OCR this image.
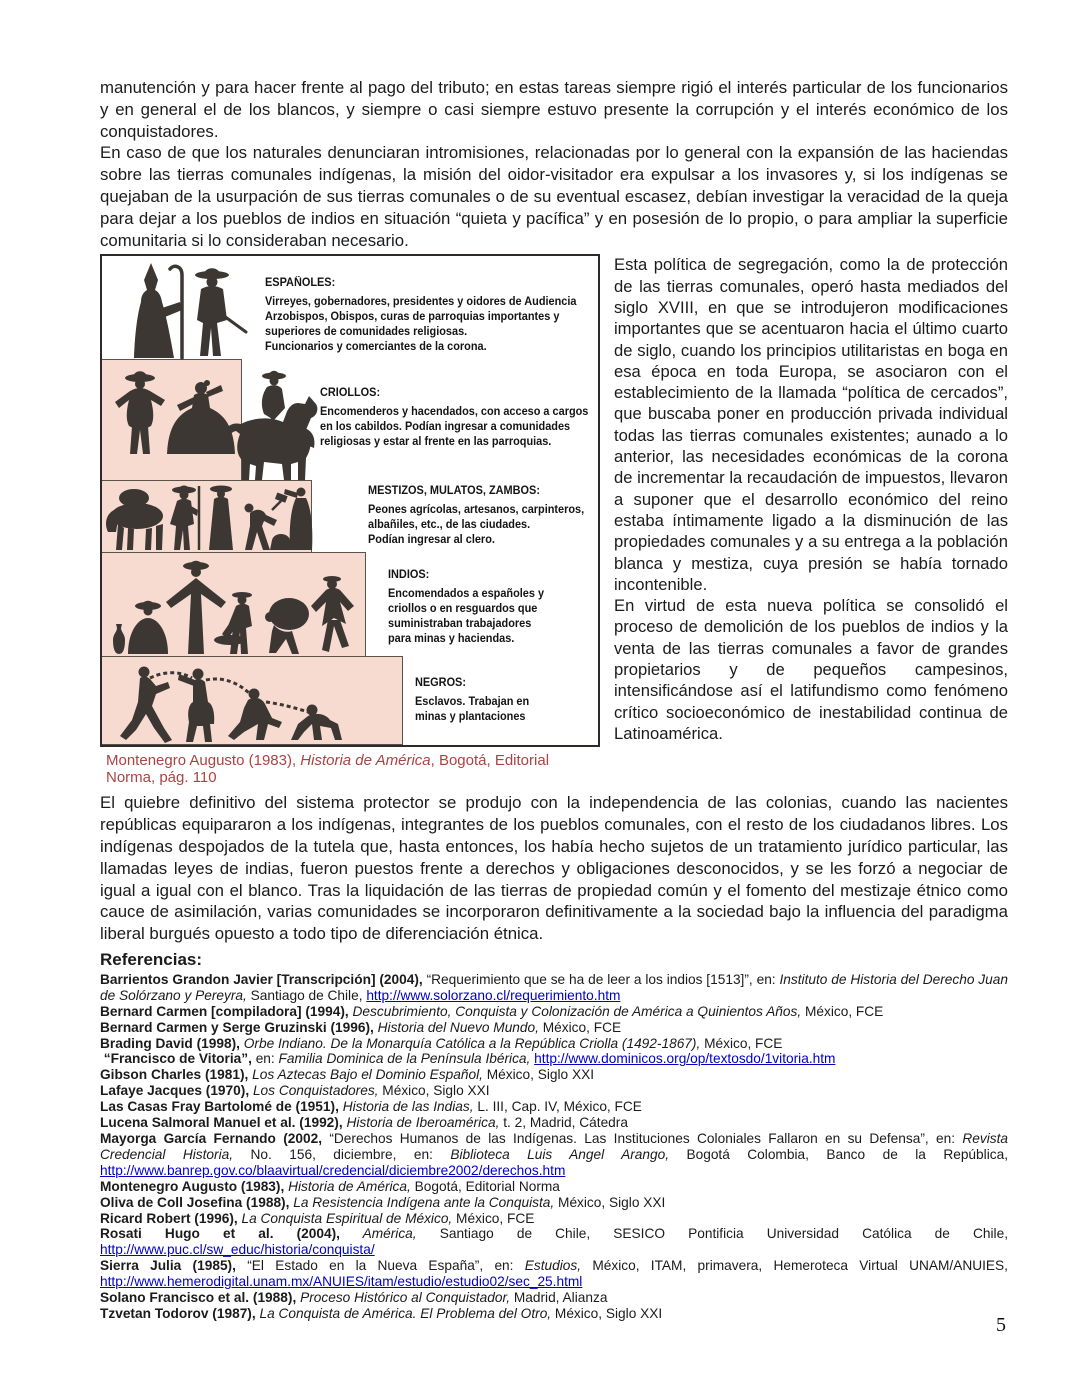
manutención y para hacer frente al pago del tributo; en estas tareas siempre rigió el interés particular de los funcionarios y en general el de los blancos, y siempre o casi siempre estuvo presente la corrupción y el interés económico de los conquistadores.

En caso de que los naturales denunciaran intromisiones, relacionadas por lo general con la expansión de las haciendas sobre las tierras comunales indígenas, la misión del oidor-visitador era expulsar a los invasores y, si los indígenas se quejaban de la usurpación de sus tierras comunales o de su eventual escasez, debían investigar la veracidad de la queja para dejar a los pueblos de indios en situación “quieta y pacífica” y en posesión de lo propio, o para ampliar la superficie comunitaria si lo consideraban necesario.

ESPAÑOLES:
Virreyes, gobernadores, presidentes y oidores de Audiencia
Arzobispos, Obispos, curas de parroquias importantes y
superiores de comunidades religiosas.
Funcionarios y comerciantes de la corona.
CRIOLLOS:
Encomenderos y hacendados, con acceso a cargos
en los cabildos. Podían ingresar a comunidades
religiosas y estar al frente en las parroquias.
MESTIZOS, MULATOS, ZAMBOS:
Peones agrícolas, artesanos, carpinteros,
albañiles, etc., de las ciudades.
Podían ingresar al clero.
INDIOS:
Encomendados a españoles y
criollos o en resguardos que
suministraban trabajadores
para minas y haciendas.
NEGROS:
Esclavos. Trabajan en
minas y plantaciones
Montenegro Augusto (1983), Historia de América, Bogotá, Editorial Norma, pág. 110

Esta política de segregación, como la de protección de las tierras comunales, operó hasta mediados del siglo XVIII, en que se introdujeron modificaciones importantes que se acentuaron hacia el último cuarto de siglo, cuando los principios utilitaristas en boga en esa época en toda Europa, se asociaron con el establecimiento de la llamada “política de cercados”, que buscaba poner en producción privada individual todas las tierras comunales existentes; aunado a lo anterior, las necesidades económicas de la corona de incrementar la recaudación de impuestos, llevaron a suponer que el desarrollo económico del reino estaba íntimamente ligado a la disminución de las propiedades comunales y a su entrega a la población blanca y mestiza, cuya presión se había tornado incontenible.

En virtud de esta nueva política se consolidó el proceso de demolición de los pueblos de indios y la venta de las tierras comunales a favor de grandes propietarios y de pequeños campesinos, intensificándose así el latifundismo como fenómeno crítico socioeconómico de inestabilidad continua de Latinoamérica.

El quiebre definitivo del sistema protector se produjo con la independencia de las colonias, cuando las nacientes repúblicas equipararon a los indígenas, integrantes de los pueblos comunales, con el resto de los ciudadanos libres. Los indígenas despojados de la tutela que, hasta entonces, los había hecho sujetos de un tratamiento jurídico particular, las llamadas leyes de indias, fueron puestos frente a derechos y obligaciones desconocidos, y se les forzó a negociar de igual a igual con el blanco. Tras la liquidación de las tierras de propiedad común y el fomento del mestizaje étnico como cauce de asimilación, varias comunidades se incorporaron definitivamente a la sociedad bajo la influencia del paradigma liberal burgués opuesto a todo tipo de diferenciación étnica.

Referencias:
Barrientos Grandon Javier [Transcripción] (2004), “Requerimiento que se ha de leer a los indios [1513]”, en: Instituto de Historia del Derecho Juan de Solórzano y Pereyra, Santiago de Chile, http://www.solorzano.cl/requerimiento.htm
Bernard Carmen [compiladora] (1994), Descubrimiento, Conquista y Colonización de América a Quinientos Años, México, FCE
Bernard Carmen y Serge Gruzinski (1996), Historia del Nuevo Mundo, México, FCE
Brading David (1998), Orbe Indiano. De la Monarquía Católica a la República Criolla (1492-1867), México, FCE
“Francisco de Vitoria”, en: Familia Dominica de la Península Ibérica, http://www.dominicos.org/op/textosdo/1vitoria.htm
Gibson Charles (1981), Los Aztecas Bajo el Dominio Español, México, Siglo XXI
Lafaye Jacques (1970), Los Conquistadores, México, Siglo XXI
Las Casas Fray Bartolomé de (1951), Historia de las Indias, L. III, Cap. IV, México, FCE
Lucena Salmoral Manuel et al. (1992), Historia de Iberoamérica, t. 2, Madrid, Cátedra
Mayorga García Fernando (2002, “Derechos Humanos de las Indígenas. Las Instituciones Coloniales Fallaron en su Defensa”, en: Revista Credencial Historia, No. 156, diciembre, en: Biblioteca Luis Angel Arango, Bogotá Colombia, Banco de la República, http://www.banrep.gov.co/blaavirtual/credencial/diciembre2002/derechos.htm
Montenegro Augusto (1983), Historia de América, Bogotá, Editorial Norma
Oliva de Coll Josefina (1988), La Resistencia Indígena ante la Conquista, México, Siglo XXI
Ricard Robert (1996), La Conquista Espiritual de México, México, FCE
Rosati Hugo et al. (2004), América, Santiago de Chile, SESICO Pontificia Universidad Católica de Chile, http://www.puc.cl/sw_educ/historia/conquista/
Sierra Julia (1985), “El Estado en la Nueva España”, en: Estudios, México, ITAM, primavera, Hemeroteca Virtual UNAM/ANUIES, http://www.hemerodigital.unam.mx/ANUIES/itam/estudio/estudio02/sec_25.html
Solano Francisco et al. (1988), Proceso Histórico al Conquistador, Madrid, Alianza
Tzvetan Todorov (1987), La Conquista de América. El Problema del Otro, México, Siglo XXI
5
